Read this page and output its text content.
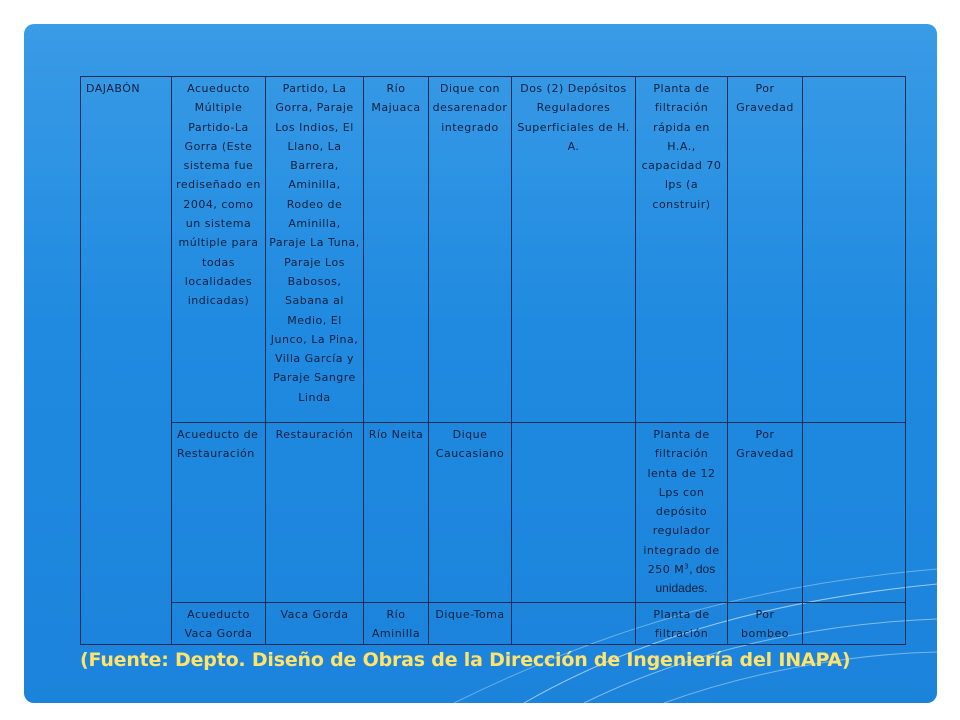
DAJABÓN	Acueducto Múltiple Partido-La Gorra (Este sistema fue rediseñado en 2004, como un sistema múltiple para todas localidades indicadas)	Partido, La Gorra, Paraje Los Indios, El Llano, La Barrera, Aminilla, Rodeo de Aminilla, Paraje La Tuna, Paraje Los Babosos, Sabana al Medio, El Junco, La Pina, Villa García y Paraje Sangre Linda	Río Majuaca	Dique con desarenador integrado	Dos (2) Depósitos Reguladores Superficiales de H. A.	Planta de filtración rápida en H.A., capacidad 70 lps (a construir)	Por Gravedad	
	Acueducto de Restauración	Restauración	Río Neita	Dique Caucasiano		Planta de filtración lenta de 12 Lps con depósito regulador integrado de 250 $M^3$, dos unidades.	Por Gravedad	
	Acueducto Vaca Gorda	Vaca Gorda	Río Aminilla	Dique-Toma		Planta de filtración	Por bombeo	
(Fuente: Depto. Diseño de Obras de la Dirección de Ingeniería del INAPA)
